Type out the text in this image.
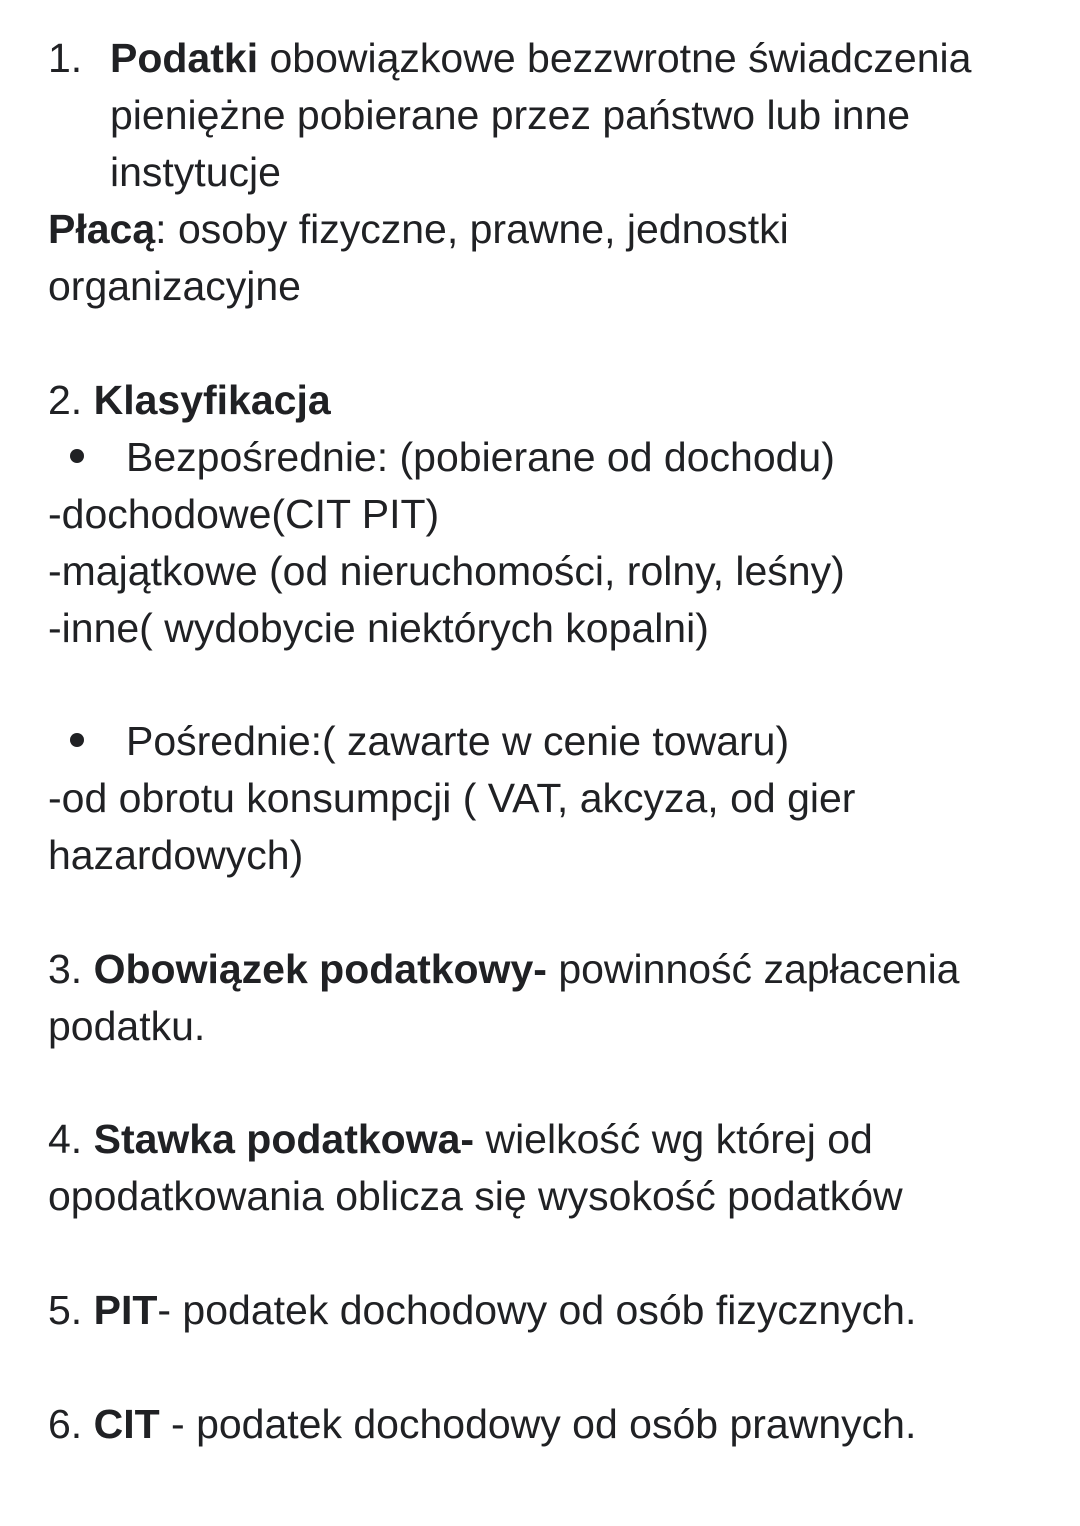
1. Podatki obowiązkowe bezzwrotne świadczenia
pieniężne pobierane przez państwo lub inne
instytucje
Płacą: osoby fizyczne, prawne, jednostki
organizacyjne
2. Klasyfikacja
Bezpośrednie: (pobierane od dochodu)
-dochodowe(CIT PIT)
-majątkowe (od nieruchomości, rolny, leśny)
-inne( wydobycie niektórych kopalni)
Pośrednie:( zawarte w cenie towaru)
-od obrotu konsumpcji ( VAT, akcyza, od gier
hazardowych)
3. Obowiązek podatkowy- powinność zapłacenia
podatku.
4. Stawka podatkowa- wielkość wg której od
opodatkowania oblicza się wysokość podatków
5. PIT- podatek dochodowy od osób fizycznych.
6. CIT - podatek dochodowy od osób prawnych.
